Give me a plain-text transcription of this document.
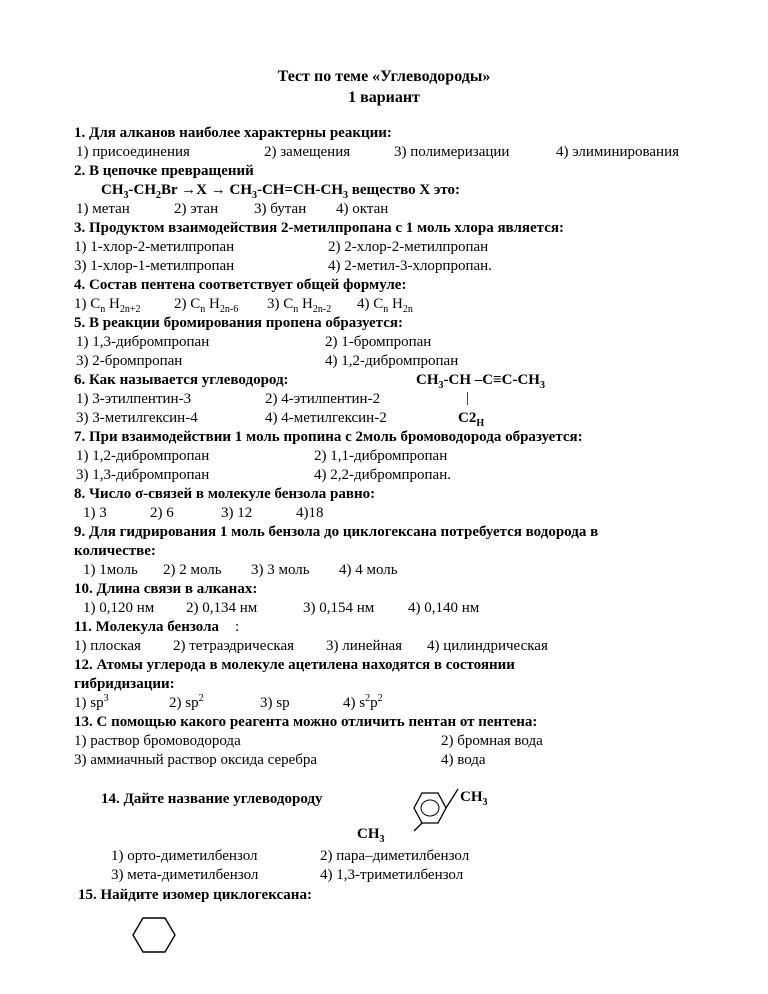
Тест по теме «Углеводороды»
1 вариант
1. Для алканов наиболее характерны реакции:
1) присоединения	2) замещения	3) полимеризации	4) элиминирования
2. В цепочке превращений
$CH_3-CH_2Br \to X \to CH_3-CH=CH-CH_3$ вещество X это:
1) метан	2) этан 3) бутан 4) октан
3. Продуктом взаимодействия 2-метилпропана с 1 моль хлора является:
1) 1-хлор-2-метилпропан	2) 2-хлор-2-метилпропан
3) 1-хлор-1-метилпропан	4) 2-метил-3-хлорпропан.
4. Состав пентена соответствует общей формуле:
1) $C_n$ $H_{2n+2}$ 2) $C_n$ $H_{2n-6}$ 3) $C_n$ $H_{2n-2}$ 4) $C_n$ $H_{2n}$
5. В реакции бромирования пропена образуется:
1) 1,3-дибромпропан	2) 1-бромпропан
3) 2-бромпропан	4) 1,2-дибромпропан
6. Как называется углеводород:	$CH_3-CH$ $-C\equiv C-CH_3$
1) 3-этилпентин-3	2) 4-этилпентин-2	|
3) 3-метилгексин-4	4) 4-метилгексин-2	$C2_H$
7. При взаимодействии 1 моль пропина с 2моль бромоводорода образуется:
1) 1,2-дибромпропан	2) 1,1-дибромпропан
3) 1,3-дибромпропан	4) 2,2-дибромпропан.
8. Число σ-связей в молекуле бензола равно:
1) 3	2) 6	3) 12	4)18
9. Для гидрирования 1 моль бензола до циклогексана потребуется водорода в
количестве:
1) 1моль 2) 2 моль 3) 3 моль 4) 4 моль
10. Длина связи в алканах:
1) 0,120 нм 2) 0,134 нм	3) 0,154 нм 4) 0,140 нм
11. Молекула бензола :
1) плоская 2) тетраэдрическая 3) линейная 4) цилиндрическая
12. Атомы углерода в молекуле ацетилена находятся в состоянии
гибридизации:
1) $sp^3$	2) $sp^2$	3) sp	4) $s^2p^2$
13. С помощью какого реагента можно отличить пентан от пентена:
1) раствор бромоводорода	2) бромная вода
3) аммиачный раствор оксида серебра	4) вода
14. Дайте название углеводороду	$CH_3$
$CH_3$
1) орто-диметилбензол	2) пара–диметилбензол
3) мета-диметилбензол	4) 1,3-триметилбензол
15. Найдите изомер циклогексана:
